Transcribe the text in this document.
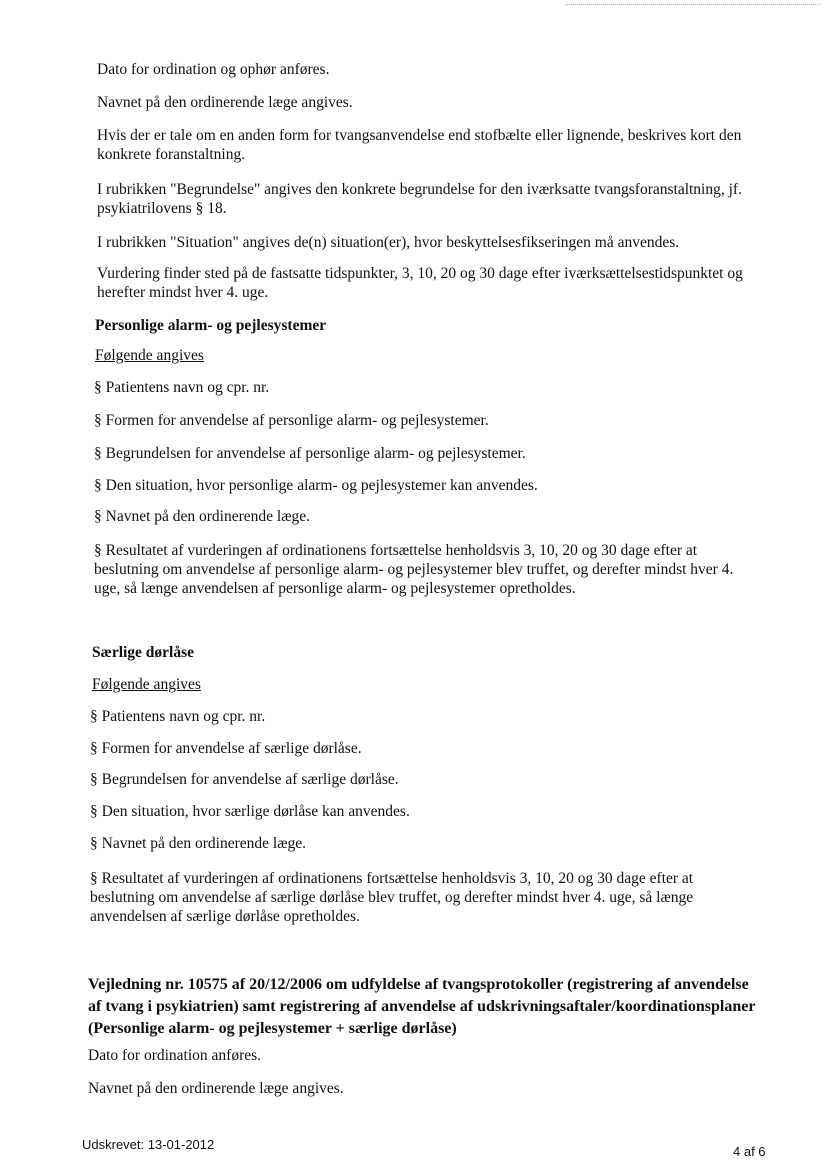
Dato for ordination og ophør anføres.

Navnet på den ordinerende læge angives.

Hvis der er tale om en anden form for tvangsanvendelse end stofbælte eller lignende, beskrives kort den konkrete foranstaltning.

I rubrikken "Begrundelse" angives den konkrete begrundelse for den iværksatte tvangsforanstaltning, jf. psykiatrilovens § 18.

I rubrikken "Situation" angives de(n) situation(er), hvor beskyttelsesfikseringen må anvendes.

Vurdering finder sted på de fastsatte tidspunkter, 3, 10, 20 og 30 dage efter iværksættelsestidspunktet og herefter mindst hver 4. uge.

Personlige alarm- og pejlesystemer

Følgende angives

§ Patientens navn og cpr. nr.

§ Formen for anvendelse af personlige alarm- og pejlesystemer.

§ Begrundelsen for anvendelse af personlige alarm- og pejlesystemer.

§ Den situation, hvor personlige alarm- og pejlesystemer kan anvendes.

§ Navnet på den ordinerende læge.

§ Resultatet af vurderingen af ordinationens fortsættelse henholdsvis 3, 10, 20 og 30 dage efter at beslutning om anvendelse af personlige alarm- og pejlesystemer blev truffet, og derefter mindst hver 4. uge, så længe anvendelsen af personlige alarm- og pejlesystemer opretholdes.

Særlige dørlåse

Følgende angives

§ Patientens navn og cpr. nr.

§ Formen for anvendelse af særlige dørlåse.

§ Begrundelsen for anvendelse af særlige dørlåse.

§ Den situation, hvor særlige dørlåse kan anvendes.

§ Navnet på den ordinerende læge.

§ Resultatet af vurderingen af ordinationens fortsættelse henholdsvis 3, 10, 20 og 30 dage efter at beslutning om anvendelse af særlige dørlåse blev truffet, og derefter mindst hver 4. uge, så længe anvendelsen af særlige dørlåse opretholdes.

Vejledning nr. 10575 af 20/12/2006 om udfyldelse af tvangsprotokoller (registrering af anvendelse af tvang i psykiatrien) samt registrering af anvendelse af udskrivningsaftaler/koordinationsplaner (Personlige alarm- og pejlesystemer + særlige dørlåse)

Dato for ordination anføres.

Navnet på den ordinerende læge angives.

Udskrevet: 13-01-2012	4 af 6
